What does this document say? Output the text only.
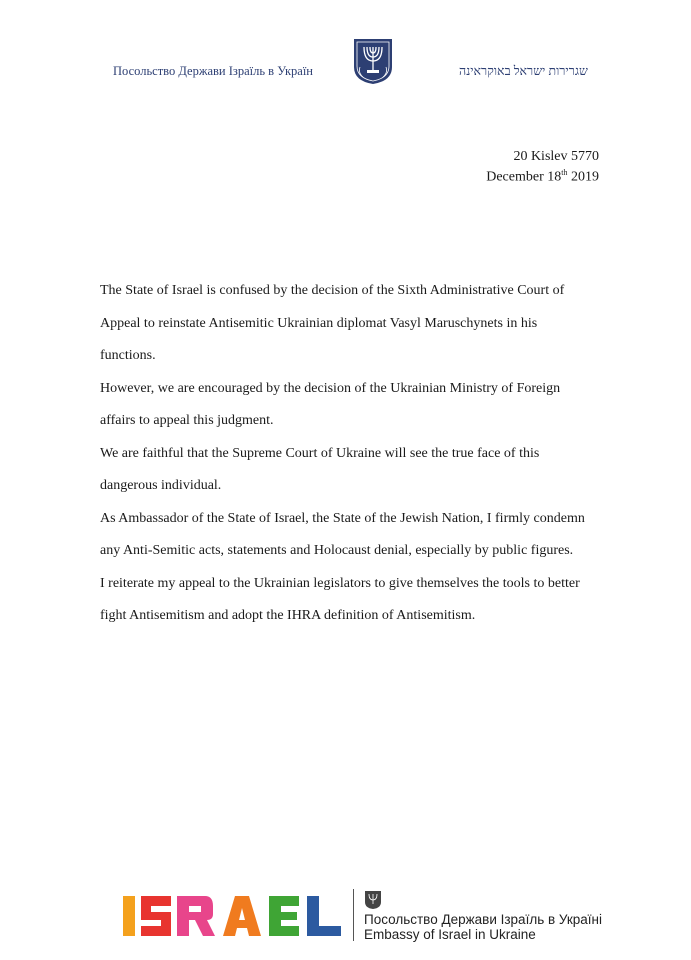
Посольство Держави Ізраїль в Україн	שגרירות ישראל באוקראינה
20 Kislev 5770
December 18th 2019

The State of Israel is confused by the decision of the Sixth Administrative Court of

Appeal to reinstate Antisemitic Ukrainian diplomat Vasyl Maruschynets in his

functions.

However, we are encouraged by the decision of the Ukrainian Ministry of Foreign

affairs to appeal this judgment.

We are faithful that the Supreme Court of Ukraine will see the true face of this

dangerous individual.

As Ambassador of the State of Israel, the State of the Jewish Nation, I firmly condemn

any Anti-Semitic acts, statements and Holocaust denial, especially by public figures.

I reiterate my appeal to the Ukrainian legislators to give themselves the tools to better

fight Antisemitism and adopt the IHRA definition of Antisemitism.

Посольство Держави Ізраїль в Україні
Embassy of Israel in Ukraine
